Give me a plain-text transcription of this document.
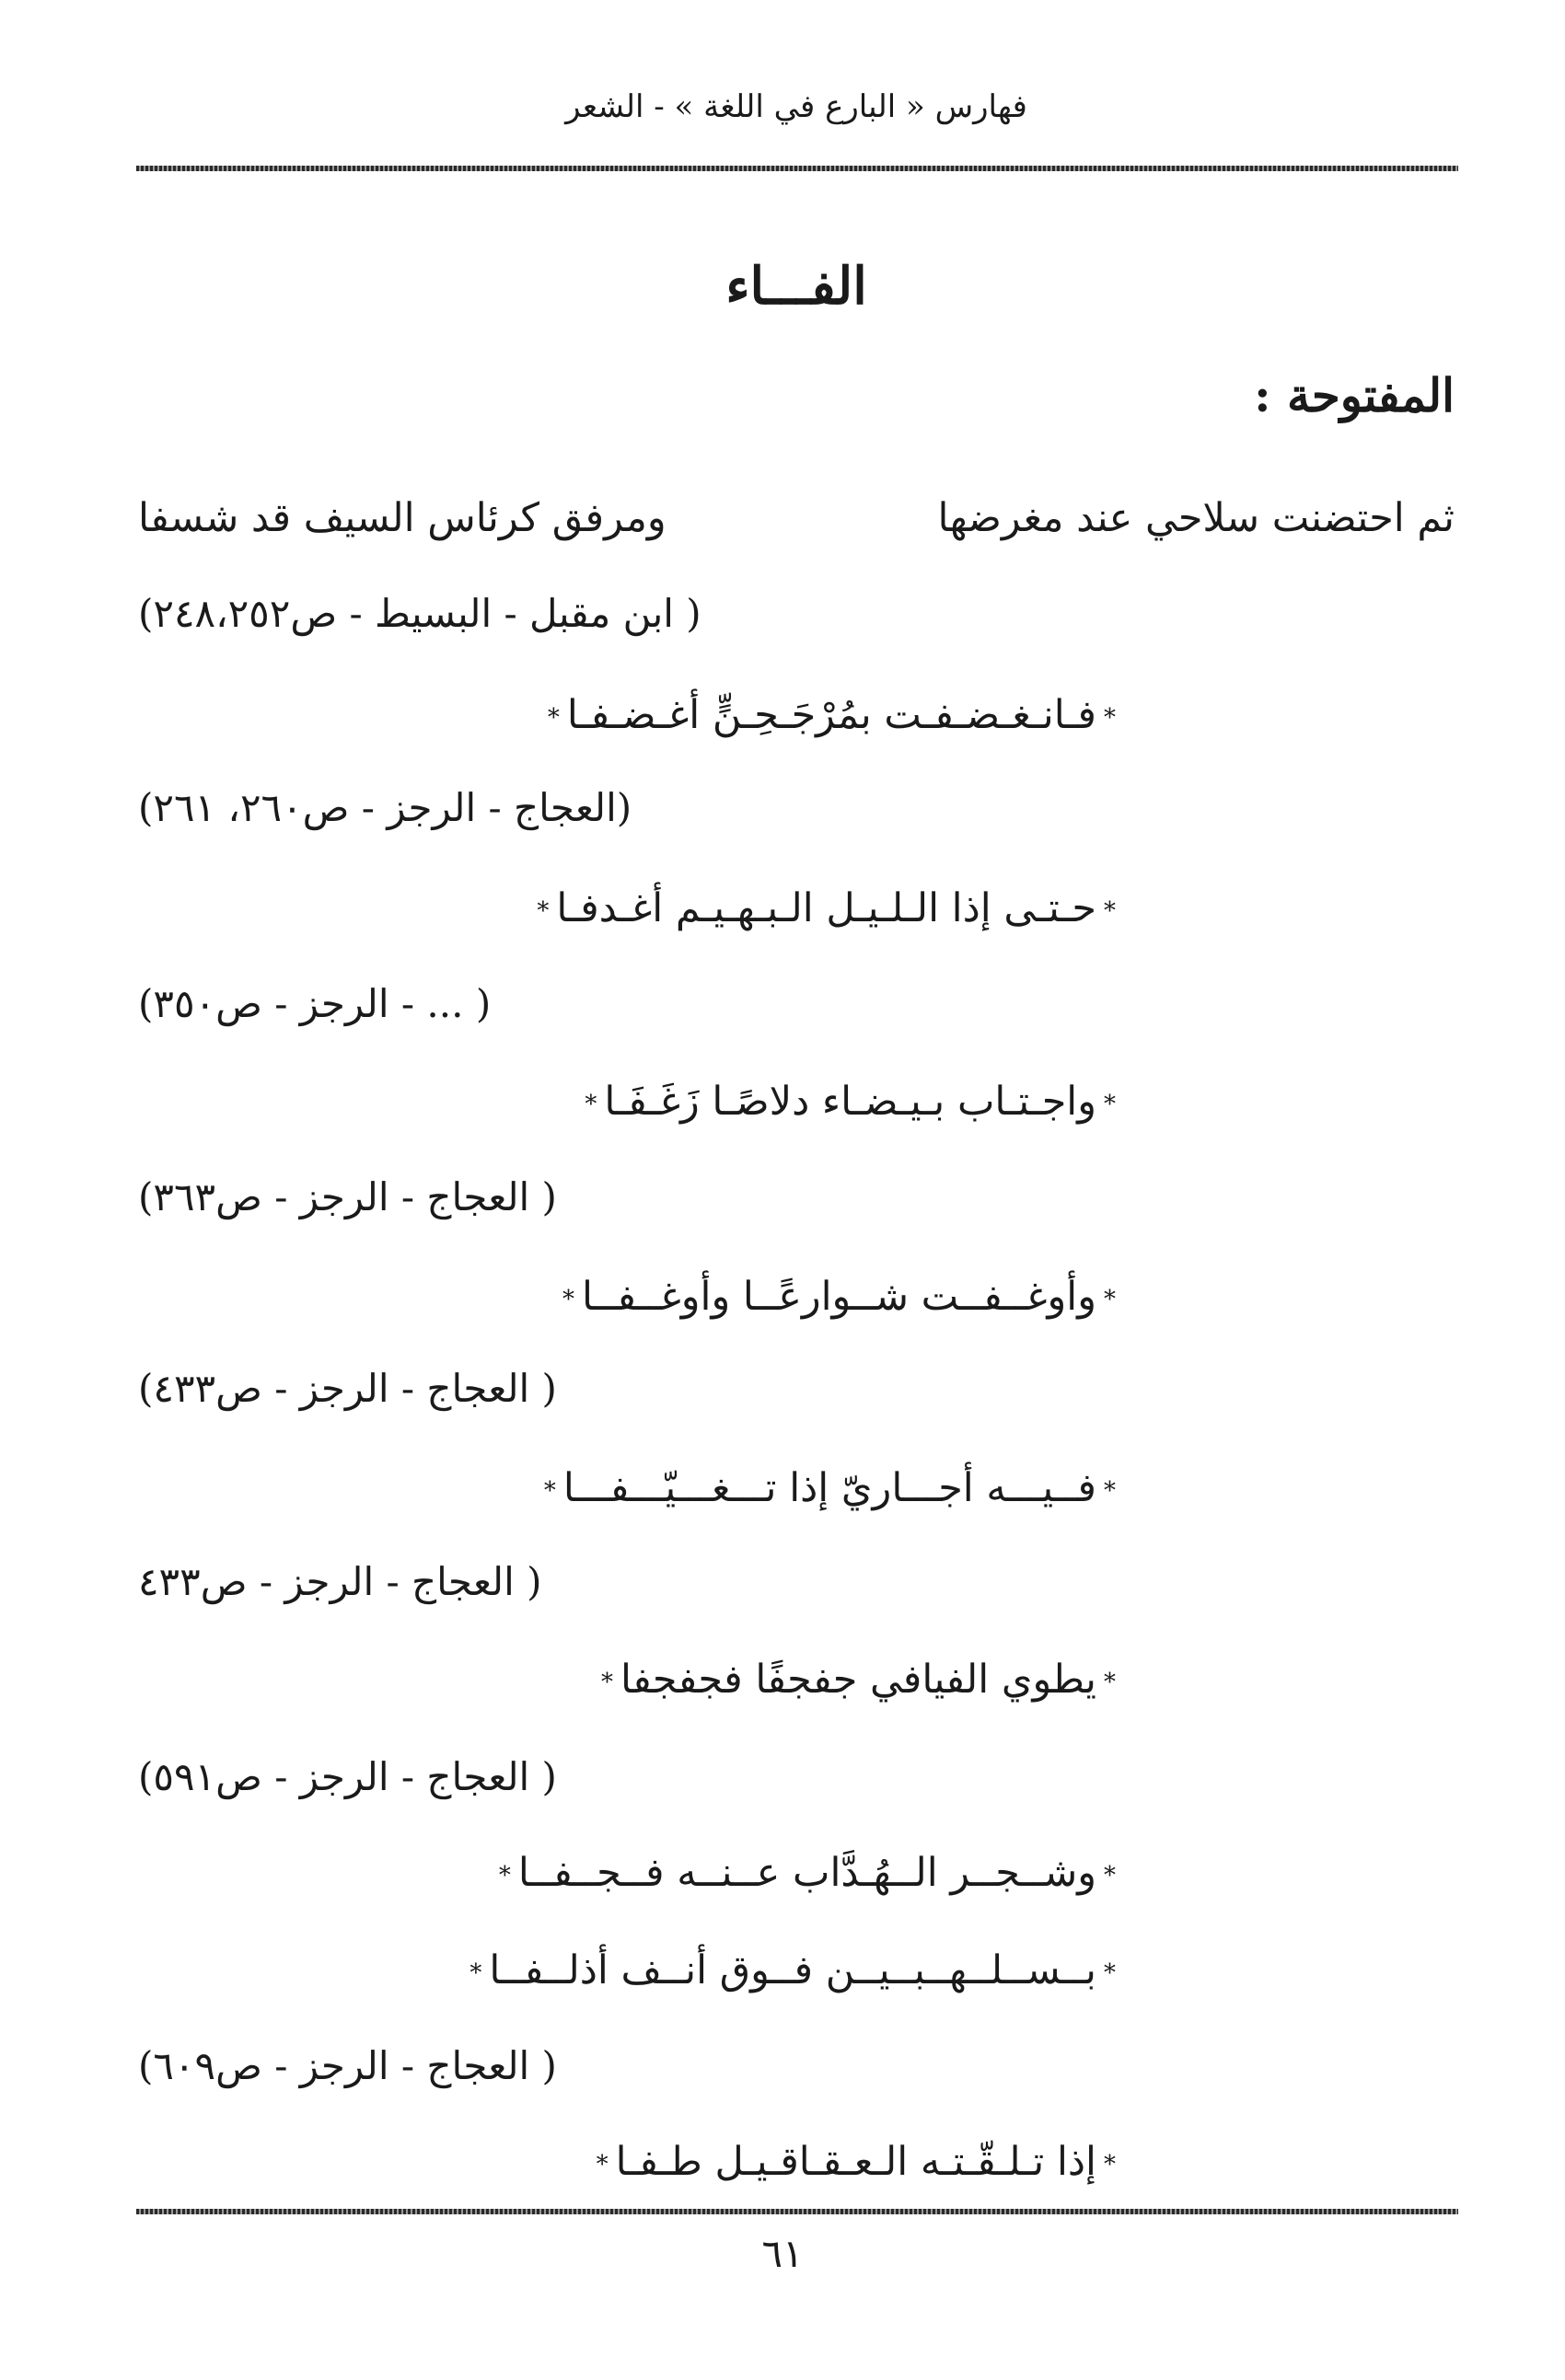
فهارس « البارع في اللغة » - الشعر
الفـــاء
المفتوحة :
ثم احتضنت سلاحي عند مغرضها
ومرفق كرئاس السيف قد شسفا
( ابن مقبل - البسيط - ص٢٤٨،٢٥٢)
*فـانـغـضـفـت بمُرْجَـحِـنٍّ أغـضـفـا*
(العجاج - الرجز - ص٢٦٠، ٢٦١)
*حـتـى إذا الـلـيـل الـبـهـيـم أغـدفـا*
( ... - الرجز - ص٣٥٠)
*واجـتـاب بـيـضـاء دلاصًـا زَغَـفَـا*
( العجاج - الرجز - ص٣٦٣)
*وأوغــفــت شــوارعًــا وأوغــفــا*
( العجاج - الرجز - ص٤٣٣)
*فــيـــه أجـــاريّ إذا تـــغـــيّـــفـــا*
( العجاج - الرجز - ص٤٣٣
*يطوي الفيافي جفجفًا فجفجفا*
( العجاج - الرجز - ص٥٩١)
*وشــجــر الــهُـدَّاب عــنــه فــجــفــا*
*بــســلــهــبــيــن فــوق أنــف أذلــفــا*
( العجاج - الرجز - ص٦٠٩)
*إذا تـلـقّـتـه الـعـقـاقـيـل طـفـا*
٦١
